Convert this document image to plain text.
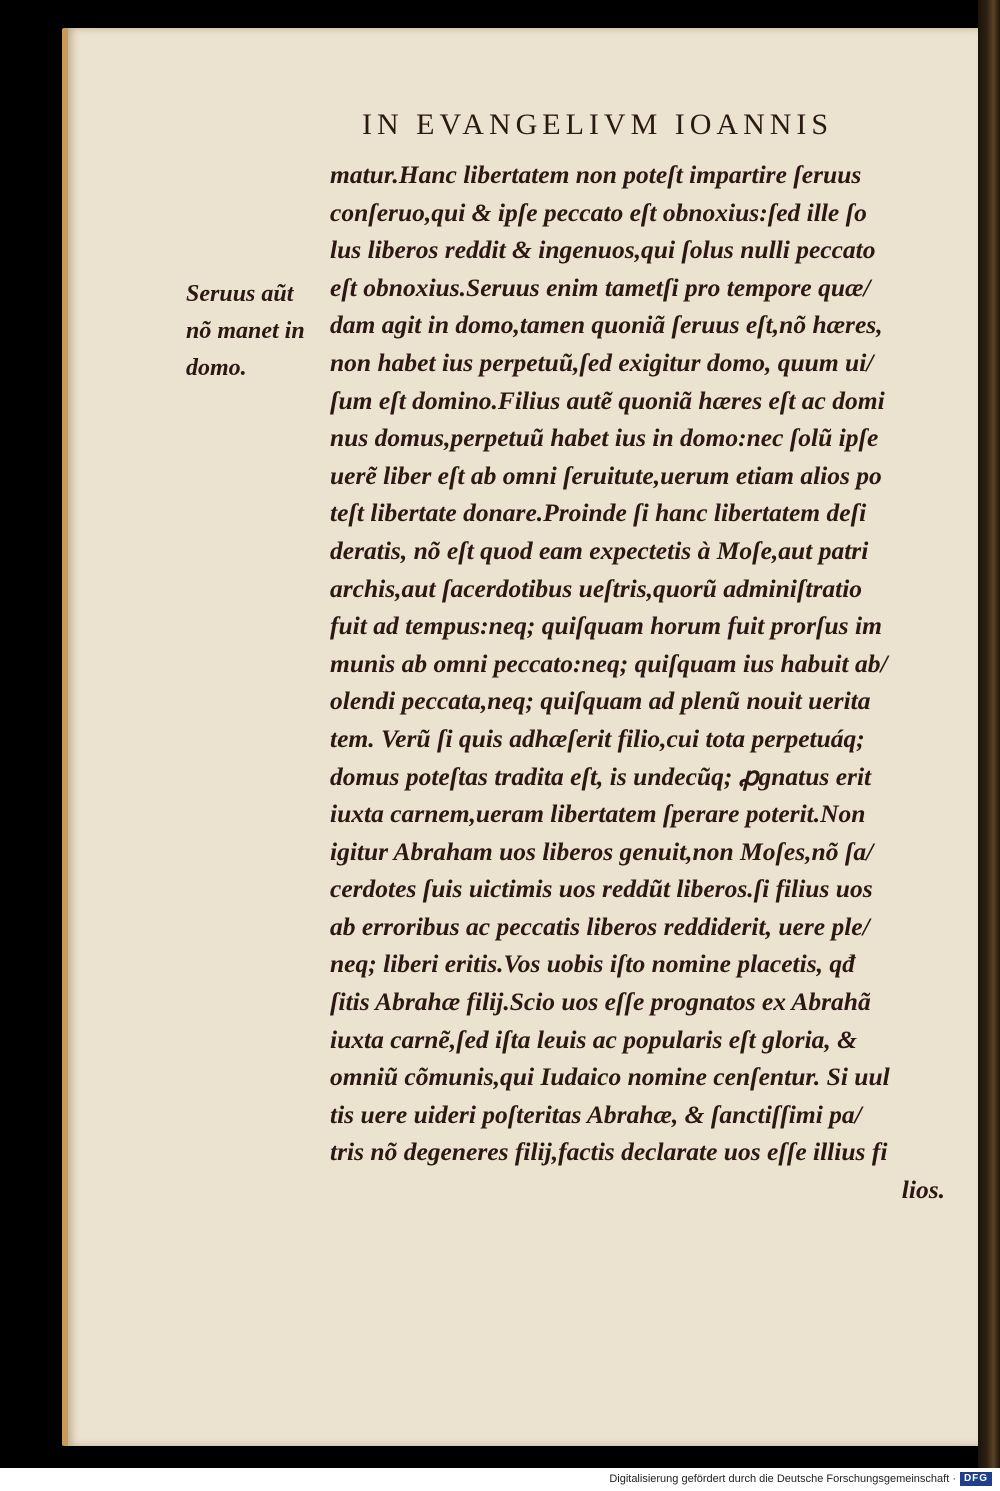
IN EVANGELIVM IOANNIS
Seruus aũt
nõ manet in
domo.
matur.Hanc libertatem non poteſt impartire ſeruus
conſeruo,qui & ipſe peccato eſt obnoxius:ſed ille ſo
lus liberos reddit & ingenuos,qui ſolus nulli peccato
eſt obnoxius.Seruus enim tametſi pro tempore quæ/
dam agit in domo,tamen quoniã ſeruus eſt,nõ hæres,
non habet ius perpetuũ,ſed exigitur domo, quum ui/
ſum eſt domino.Filius autẽ quoniã hæres eſt ac domi
nus domus,perpetuũ habet ius in domo:nec ſolũ ipſe
uerẽ liber eſt ab omni ſeruitute,uerum etiam alios po
teſt libertate donare.Proinde ſi hanc libertatem deſi
deratis, nõ eſt quod eam expectetis à Moſe,aut patri
archis,aut ſacerdotibus ueſtris,quorũ adminiſtratio
fuit ad tempus:neq; quiſquam horum fuit prorſus im
munis ab omni peccato:neq; quiſquam ius habuit ab/
olendi peccata,neq; quiſquam ad plenũ nouit uerita
tem. Verũ ſi quis adhæſerit filio,cui tota perpetuáq;
domus poteſtas tradita eſt, is undecũq; ꝓgnatus erit
iuxta carnem,ueram libertatem ſperare poterit.Non
igitur Abraham uos liberos genuit,non Moſes,nõ ſa/
cerdotes ſuis uictimis uos reddũt liberos.ſi filius uos
ab erroribus ac peccatis liberos reddiderit, uere ple/
neq; liberi eritis.Vos uobis iſto nomine placetis, qđ
ſitis Abrahæ filij.Scio uos eſſe prognatos ex Abrahã
iuxta carnẽ,ſed iſta leuis ac popularis eſt gloria, &
omniũ cõmunis,qui Iudaico nomine cenſentur. Si uul
tis uere uideri poſteritas Abrahæ, & ſanctiſſimi pa/
tris nõ degeneres filij,factis declarate uos eſſe illius fi
lios.
Digitalisierung gefördert durch die Deutsche Forschungsgemeinschaft · DFG
